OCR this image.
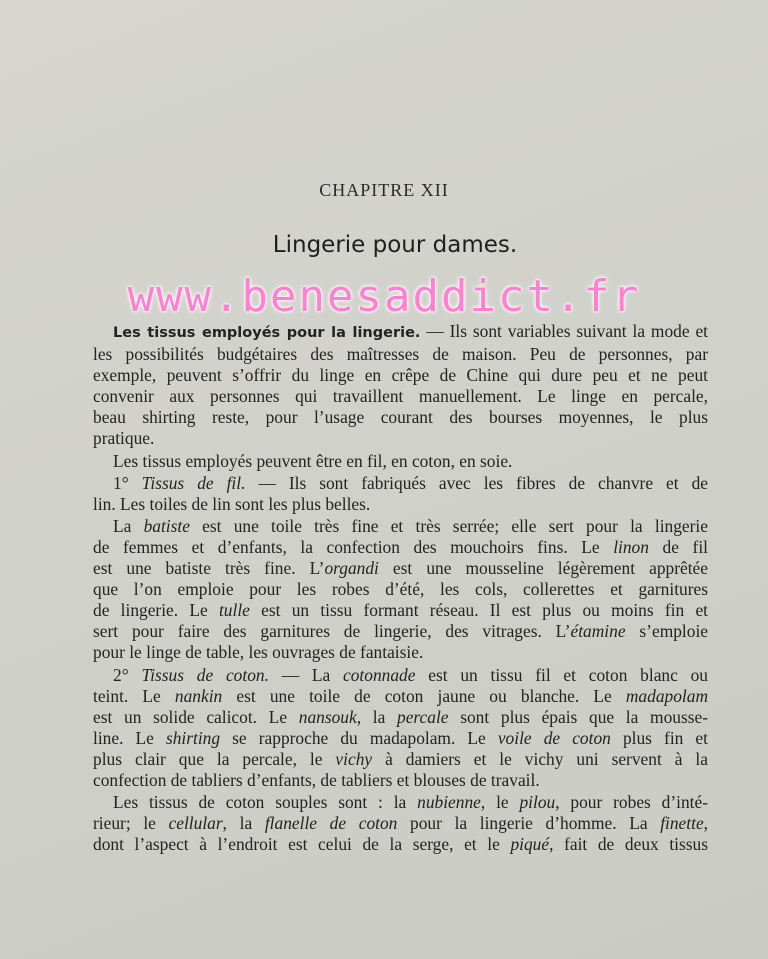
CHAPITRE XII
Lingerie pour dames.
www.benesaddict.fr
Les tissus employés pour la lingerie. — Ils sont variables suivant la mode et
les possibilités budgétaires des maîtresses de maison. Peu de personnes, par
exemple, peuvent s’offrir du linge en crêpe de Chine qui dure peu et ne peut
convenir aux personnes qui travaillent manuellement. Le linge en percale,
beau shirting reste, pour l’usage courant des bourses moyennes, le plus
pratique.
Les tissus employés peuvent être en fil, en coton, en soie.
1° Tissus de fil. — Ils sont fabriqués avec les fibres de chanvre et de
lin. Les toiles de lin sont les plus belles.
La batiste est une toile très fine et très serrée; elle sert pour la lingerie
de femmes et d’enfants, la confection des mouchoirs fins. Le linon de fil
est une batiste très fine. L’organdi est une mousseline légèrement apprêtée
que l’on emploie pour les robes d’été, les cols, collerettes et garnitures
de lingerie. Le tulle est un tissu formant réseau. Il est plus ou moins fin et
sert pour faire des garnitures de lingerie, des vitrages. L’étamine s’emploie
pour le linge de table, les ouvrages de fantaisie.
2° Tissus de coton. — La cotonnade est un tissu fil et coton blanc ou
teint. Le nankin est une toile de coton jaune ou blanche. Le madapolam
est un solide calicot. Le nansouk, la percale sont plus épais que la mousse-
line. Le shirting se rapproche du madapolam. Le voile de coton plus fin et
plus clair que la percale, le vichy à damiers et le vichy uni servent à la
confection de tabliers d’enfants, de tabliers et blouses de travail.
Les tissus de coton souples sont : la nubienne, le pilou, pour robes d’inté-
rieur; le cellular, la flanelle de coton pour la lingerie d’homme. La finette,
dont l’aspect à l’endroit est celui de la serge, et le piqué, fait de deux tissus
